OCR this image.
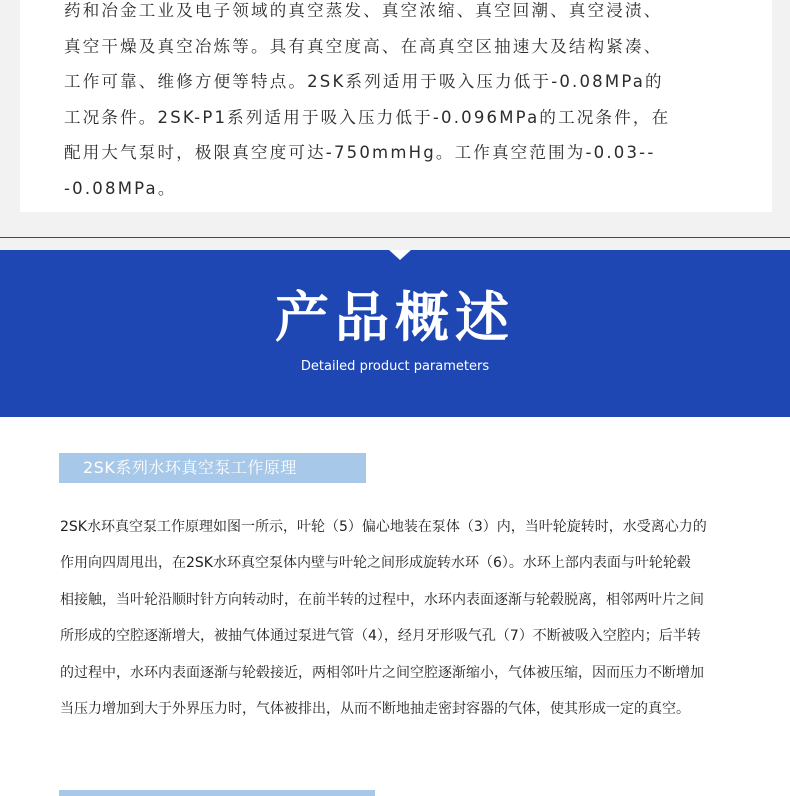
药和冶金工业及电子领域的真空蒸发、真空浓缩、真空回潮、真空浸渍、
真空干燥及真空冶炼等。具有真空度高、在高真空区抽速大及结构紧凑、
工作可靠、维修方便等特点。2SK系列适用于吸入压力低于-0.08MPa的
工况条件。2SK-P1系列适用于吸入压力低于-0.096MPa的工况条件，在
配用大气泵时，极限真空度可达-750mmHg。工作真空范围为-0.03--
-0.08MPa。
产品概述
Detailed product parameters
2SK系列水环真空泵工作原理
2SK水环真空泵工作原理如图一所示，叶轮（5）偏心地装在泵体（3）内，当叶轮旋转时，水受离心力的
作用向四周甩出，在2SK水环真空泵体内壁与叶轮之间形成旋转水环（6）。水环上部内表面与叶轮轮毂
相接触，当叶轮沿顺时针方向转动时，在前半转的过程中，水环内表面逐渐与轮毂脱离，相邻两叶片之间
所形成的空腔逐渐增大，被抽气体通过泵进气管（4），经月牙形吸气孔（7）不断被吸入空腔内；后半转
的过程中，水环内表面逐渐与轮毂接近，两相邻叶片之间空腔逐渐缩小，气体被压缩，因而压力不断增加
当压力增加到大于外界压力时，气体被排出，从而不断地抽走密封容器的气体，使其形成一定的真空。
